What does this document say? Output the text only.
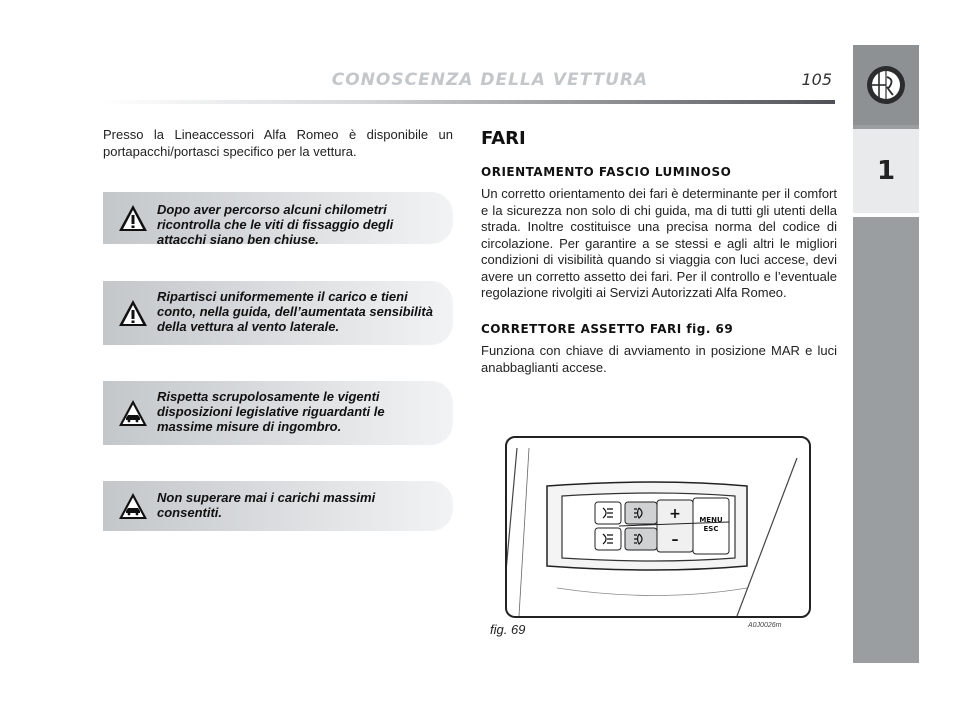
CONOSCENZA DELLA VETTURA	105
1
Presso la Lineaccessori Alfa Romeo è disponibile un portapacchi/portasci specifico per la vettura.
Dopo aver percorso alcuni chilometri ricontrolla che le viti di fissaggio degli attacchi siano ben chiuse.
Ripartisci uniformemente il carico e tieni conto, nella guida, dell’aumentata sensibilità della vettura al vento laterale.
Rispetta scrupolosamente le vigenti disposizioni legislative riguardanti le massime misure di ingombro.
Non superare mai i carichi massimi consentiti.
FARI
ORIENTAMENTO FASCIO LUMINOSO
Un corretto orientamento dei fari è determinante per il comfort e la sicurezza non solo di chi guida, ma di tutti gli utenti della strada. Inoltre costituisce una precisa norma del codice di circolazione. Per garantire a se stessi e agli altri le migliori condizioni di visibilità quando si viaggia con luci accese, devi avere un corretto assetto dei fari. Per il controllo e l’eventuale regolazione rivolgiti ai Servizi Autorizzati Alfa Romeo.
CORRETTORE ASSETTO FARI fig. 69
Funziona con chiave di avviamento in posizione MAR e luci anabbaglianti accese.
+
–
MENU
ESC
fig. 69	A0J0026m
